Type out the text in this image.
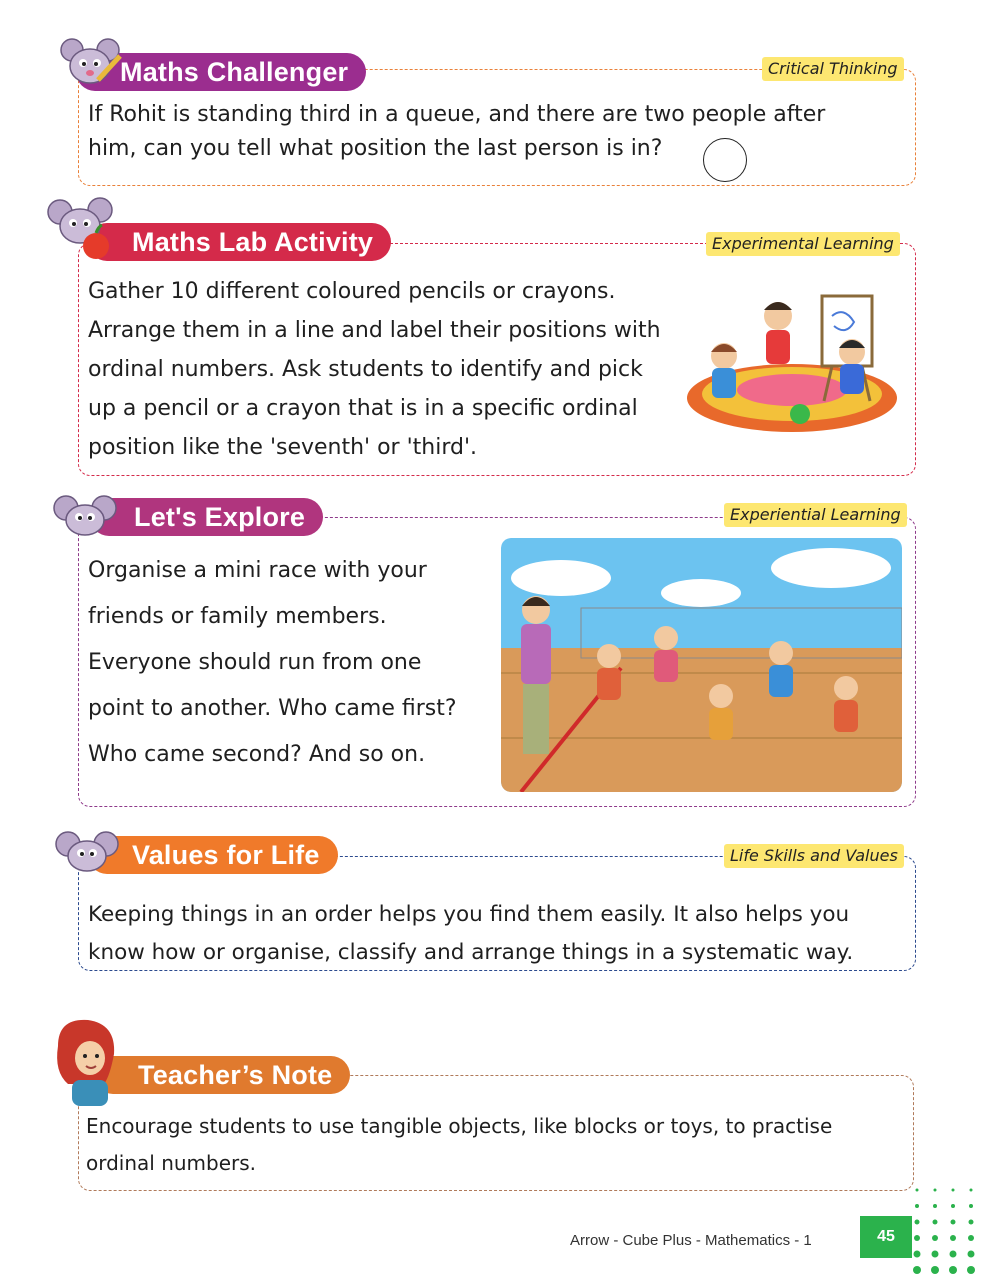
Critical Thinking
Maths Challenger
If Rohit is standing third in a queue, and there are two people after
him, can you tell what position the last person is in?
Experimental Learning
Maths Lab Activity
Gather 10 different coloured pencils or crayons.
Arrange them in a line and label their positions with
ordinal numbers. Ask students to identify and pick
up a pencil or a crayon that is in a specific ordinal
position like the 'seventh' or 'third'.
Experiential Learning
Let's Explore
Organise a mini race with your
friends or family members.
Everyone should run from one
point to another. Who came first?
Who came second? And so on.
Life Skills and Values
Values for Life
Keeping things in an order helps you find them easily. It also helps you
know how or organise, classify and arrange things in a systematic way.
Teacher’s Note
Encourage students to use tangible objects, like blocks or toys, to practise
ordinal numbers.
Arrow - Cube Plus - Mathematics - 1	45
